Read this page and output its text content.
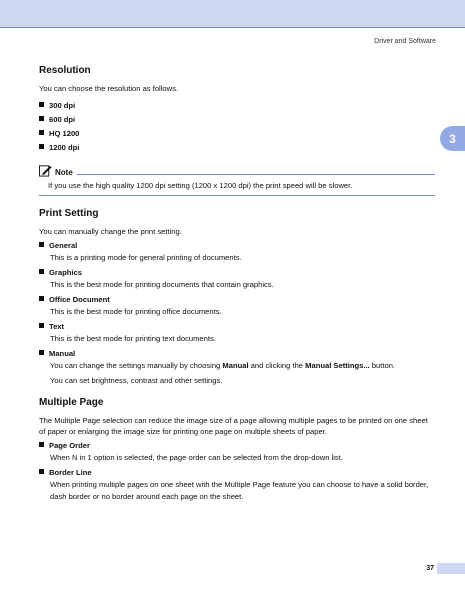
Driver and Software
3
Resolution

You can choose the resolution as follows.

300 dpi
600 dpi
HQ 1200
1200 dpi
Note
If you use the high quality 1200 dpi setting (1200 x 1200 dpi) the print speed will be slower.
Print Setting

You can manually change the print setting.

General
This is a printing mode for general printing of documents.
Graphics
This is the best mode for printing documents that contain graphics.
Office Document
This is the best mode for printing office documents.
Text
This is the best mode for printing text documents.
Manual
You can change the settings manually by choosing Manual and clicking the Manual Settings... button.
You can set brightness, contrast and other settings.
Multiple Page

The Multiple Page selection can reduce the image size of a page allowing multiple pages to be printed on one sheet of paper or enlarging the image size for printing one page on multiple sheets of paper.

Page Order
When N in 1 option is selected, the page order can be selected from the drop-down list.
Border Line
When printing multiple pages on one sheet with the Multiple Page feature you can choose to have a solid border, dash border or no border around each page on the sheet.
37
